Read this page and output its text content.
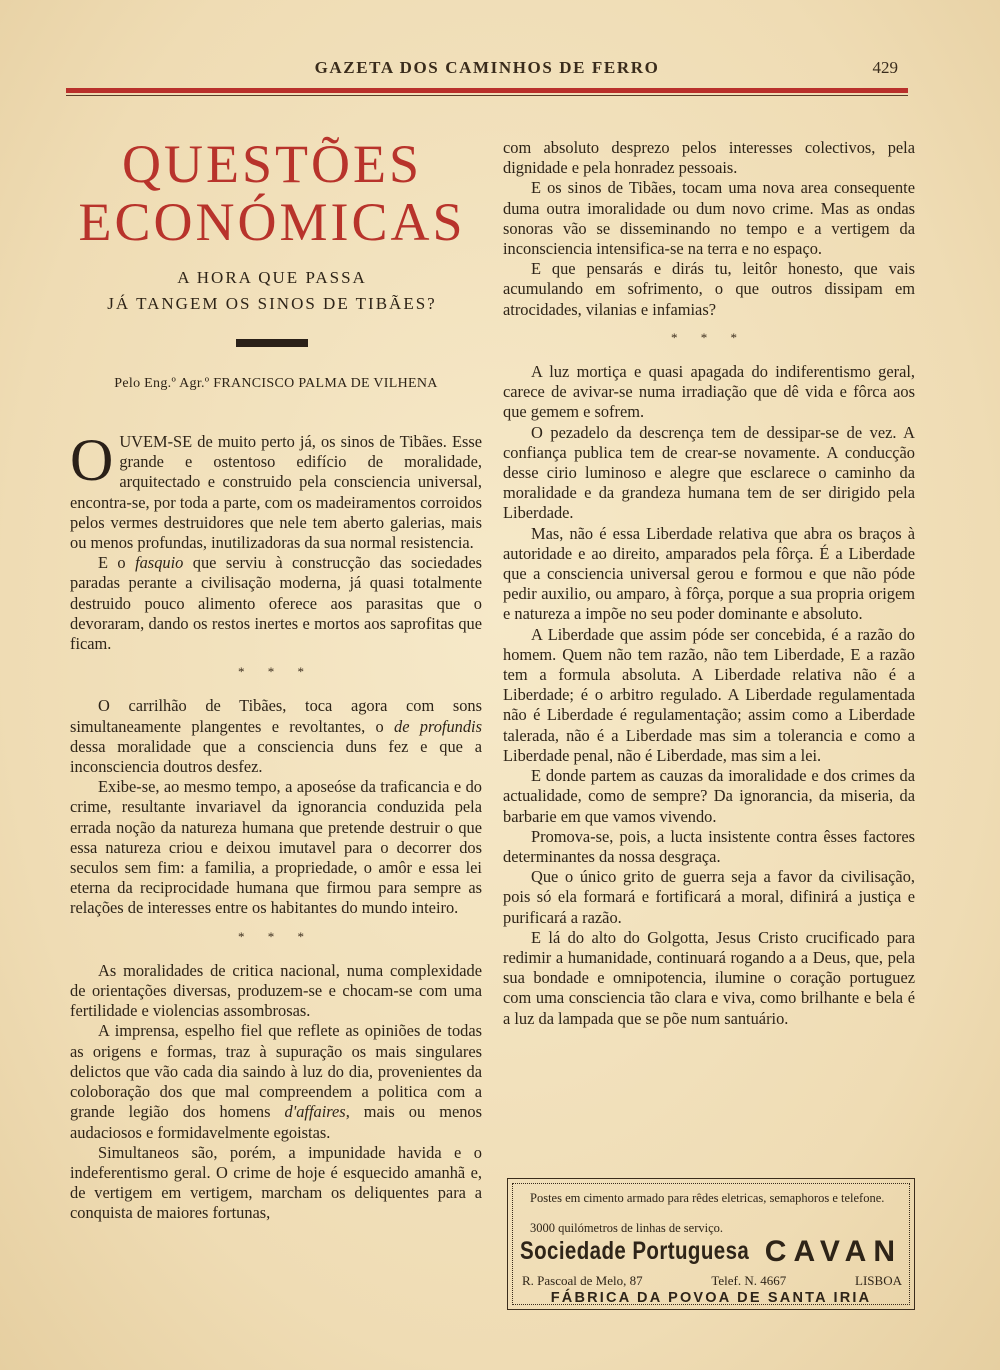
GAZETA DOS CAMINHOS DE FERRO	429
QUESTÕES
ECONÓMICAS
A HORA QUE PASSA
JÁ TANGEM OS SINOS DE TIBÃES?
Pelo Eng.º Agr.º FRANCISCO PALMA DE VILHENA

OUVEM-SE de muito perto já, os sinos de Tibães. Esse grande e ostentoso edifício de moralidade, arquitectado e construido pela consciencia universal, encontra-se, por toda a parte, com os madeiramentos corroidos pelos vermes destruidores que nele tem aberto galerias, mais ou menos profundas, inutilizadoras da sua normal resistencia.

E o fasquio que serviu à construcção das sociedades paradas perante a civilisação moderna, já quasi totalmente destruido pouco alimento oferece aos parasitas que o devoraram, dando os restos inertes e mortos aos saprofitas que ficam.

* * *

O carrilhão de Tibães, toca agora com sons simultaneamente plangentes e revoltantes, o de profundis dessa moralidade que a consciencia duns fez e que a inconsciencia doutros desfez.

Exibe-se, ao mesmo tempo, a aposeóse da traficancia e do crime, resultante invariavel da ignorancia conduzida pela errada noção da natureza humana que pretende destruir o que essa natureza criou e deixou imutavel para o decorrer dos seculos sem fim: a familia, a propriedade, o amôr e essa lei eterna da reciprocidade humana que firmou para sempre as relações de interesses entre os habitantes do mundo inteiro.

* * *

As moralidades de critica nacional, numa complexidade de orientações diversas, produzem-se e chocam-se com uma fertilidade e violencias assombrosas.

A imprensa, espelho fiel que reflete as opiniões de todas as origens e formas, traz à supuração os mais singulares delictos que vão cada dia saindo à luz do dia, provenientes da coloboração dos que mal compreendem a politica com a grande legião dos homens d'affaires, mais ou menos audaciosos e formidavelmente egoistas.

Simultaneos são, porém, a impunidade havida e o indeferentismo geral. O crime de hoje é esquecido amanhã e, de vertigem em vertigem, marcham os deliquentes para a conquista de maiores fortunas,

com absoluto desprezo pelos interesses colectivos, pela dignidade e pela honradez pessoais.

E os sinos de Tibães, tocam uma nova area consequente duma outra imoralidade ou dum novo crime. Mas as ondas sonoras vão se disseminando no tempo e a vertigem da inconsciencia intensifica-se na terra e no espaço.

E que pensarás e dirás tu, leitôr honesto, que vais acumulando em sofrimento, o que outros dissipam em atrocidades, vilanias e infamias?

* * *

A luz mortiça e quasi apagada do indiferentismo geral, carece de avivar-se numa irradiação que dê vida e fôrca aos que gemem e sofrem.

O pezadelo da descrença tem de dessipar-se de vez. A confiança publica tem de crear-se novamente. A conducção desse cirio luminoso e alegre que esclarece o caminho da moralidade e da grandeza humana tem de ser dirigido pela Liberdade.

Mas, não é essa Liberdade relativa que abra os braços à autoridade e ao direito, amparados pela fôrça. É a Liberdade que a consciencia universal gerou e formou e que não póde pedir auxilio, ou amparo, à fôrça, porque a sua propria origem e natureza a impõe no seu poder dominante e absoluto.

A Liberdade que assim póde ser concebida, é a razão do homem. Quem não tem razão, não tem Liberdade, E a razão tem a formula absoluta. A Liberdade relativa não é a Liberdade; é o arbitro regulado. A Liberdade regulamentada não é Liberdade é regulamentação; assim como a Liberdade talerada, não é a Liberdade mas sim a tolerancia e como a Liberdade penal, não é Liberdade, mas sim a lei.

E donde partem as cauzas da imoralidade e dos crimes da actualidade, como de sempre? Da ignorancia, da miseria, da barbarie em que vamos vivendo.

Promova-se, pois, a lucta insistente contra êsses factores determinantes da nossa desgraça.

Que o único grito de guerra seja a favor da civilisação, pois só ela formará e fortificará a moral, difinirá a justiça e purificará a razão.

E lá do alto do Golgotta, Jesus Cristo crucificado para redimir a humanidade, continuará rogando a a Deus, que, pela sua bondade e omnipotencia, ilumine o coração portuguez com uma consciencia tão clara e viva, como brilhante e bela é a luz da lampada que se põe num santuário.

Postes em cimento armado para rêdes eletricas, semaphoros e telefone.
3000 quilómetros de linhas de serviço.
Sociedade Portuguesa CAVAN
R. Pascoal de Melo, 87	Telef. N. 4667	LISBOA
FÁBRICA DA POVOA DE SANTA IRIA
